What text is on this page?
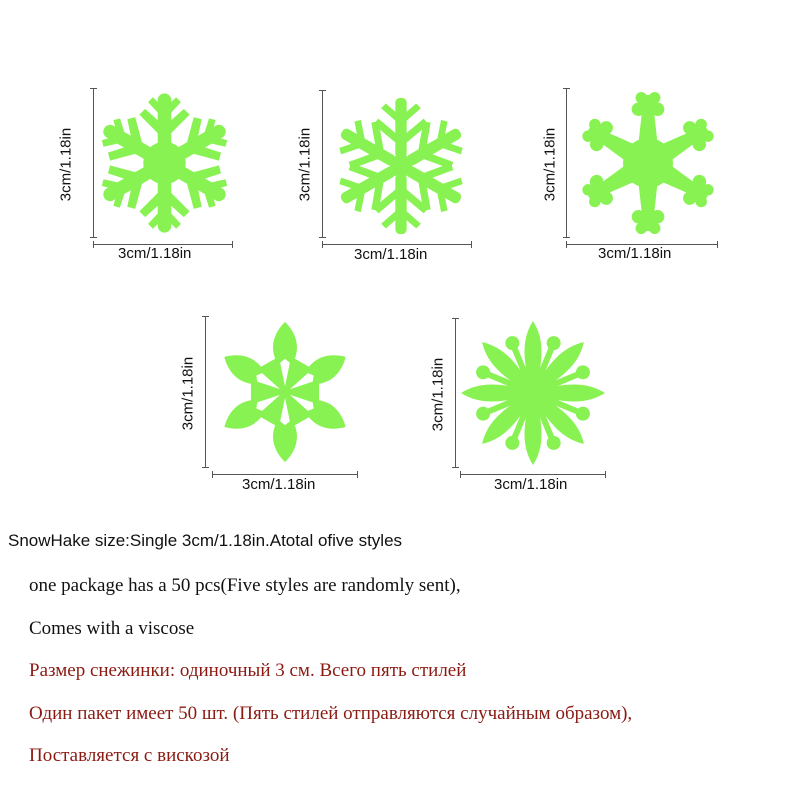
3cm/1.18in
3cm/1.18in
3cm/1.18in
3cm/1.18in
3cm/1.18in
3cm/1.18in
3cm/1.18in
3cm/1.18in
3cm/1.18in
3cm/1.18in
SnowHake size:Single 3cm/1.18in.Atotal ofive styles
one package has a 50 pcs(Five styles are randomly sent),
Comes with a viscose
Размер снежинки: одиночный 3 см. Всего пять стилей
Один пакет имеет 50 шт. (Пять стилей отправляются случайным образом),
Поставляется с вискозой
